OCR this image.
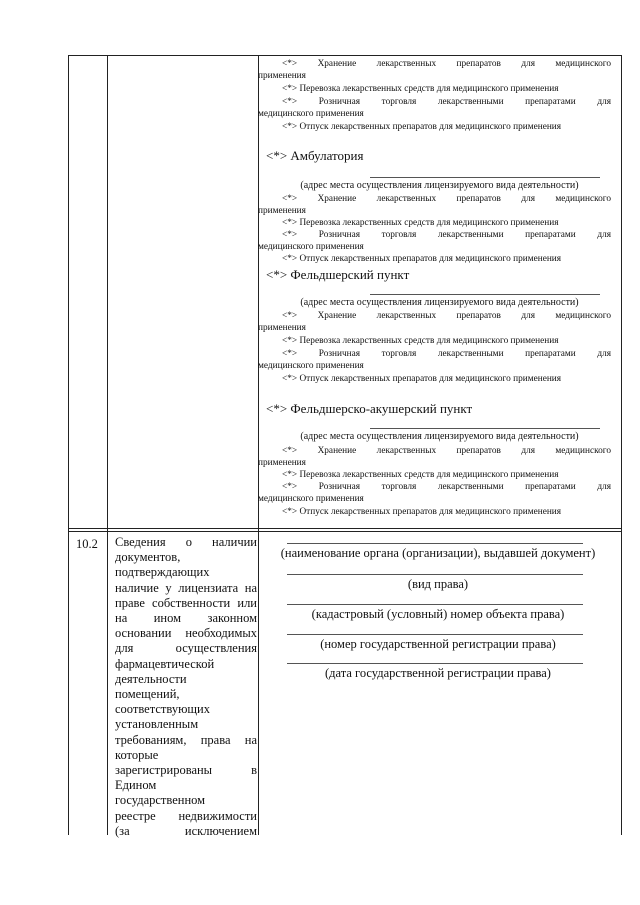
<*> Хранение лекарственных препаратов для медицинского

применения

<*> Перевозка лекарственных средств для медицинского применения

<*> Розничная торговля лекарственными препаратами для

медицинского применения

<*> Отпуск лекарственных препаратов для медицинского применения

<*> Амбулатория
(адрес места осуществления лицензируемого вида деятельности)

<*> Хранение лекарственных препаратов для медицинского

применения

<*> Перевозка лекарственных средств для медицинского применения

<*> Розничная торговля лекарственными препаратами для

медицинского применения

<*> Отпуск лекарственных препаратов для медицинского применения

<*> Фельдшерский пункт
(адрес места осуществления лицензируемого вида деятельности)

<*> Хранение лекарственных препаратов для медицинского

применения

<*> Перевозка лекарственных средств для медицинского применения

<*> Розничная торговля лекарственными препаратами для

медицинского применения

<*> Отпуск лекарственных препаратов для медицинского применения

<*> Фельдшерско-акушерский пункт
(адрес места осуществления лицензируемого вида деятельности)

<*> Хранение лекарственных препаратов для медицинского

применения

<*> Перевозка лекарственных средств для медицинского применения

<*> Розничная торговля лекарственными препаратами для

медицинского применения

<*> Отпуск лекарственных препаратов для медицинского применения

10.2 Сведения о наличии
документов,
подтверждающих
наличие у лицензиата на
праве собственности или
на ином законном
основании необходимых
для осуществления
фармацевтической
деятельности
помещений,
соответствующих
установленным
требованиям, права на
которые
зарегистрированы в
Едином
государственном
реестре недвижимости
(за исключением
(наименование органа (организации), выдавшей документ)
(вид права)
(кадастровый (условный) номер объекта права)
(номер государственной регистрации права)
(дата государственной регистрации права)
